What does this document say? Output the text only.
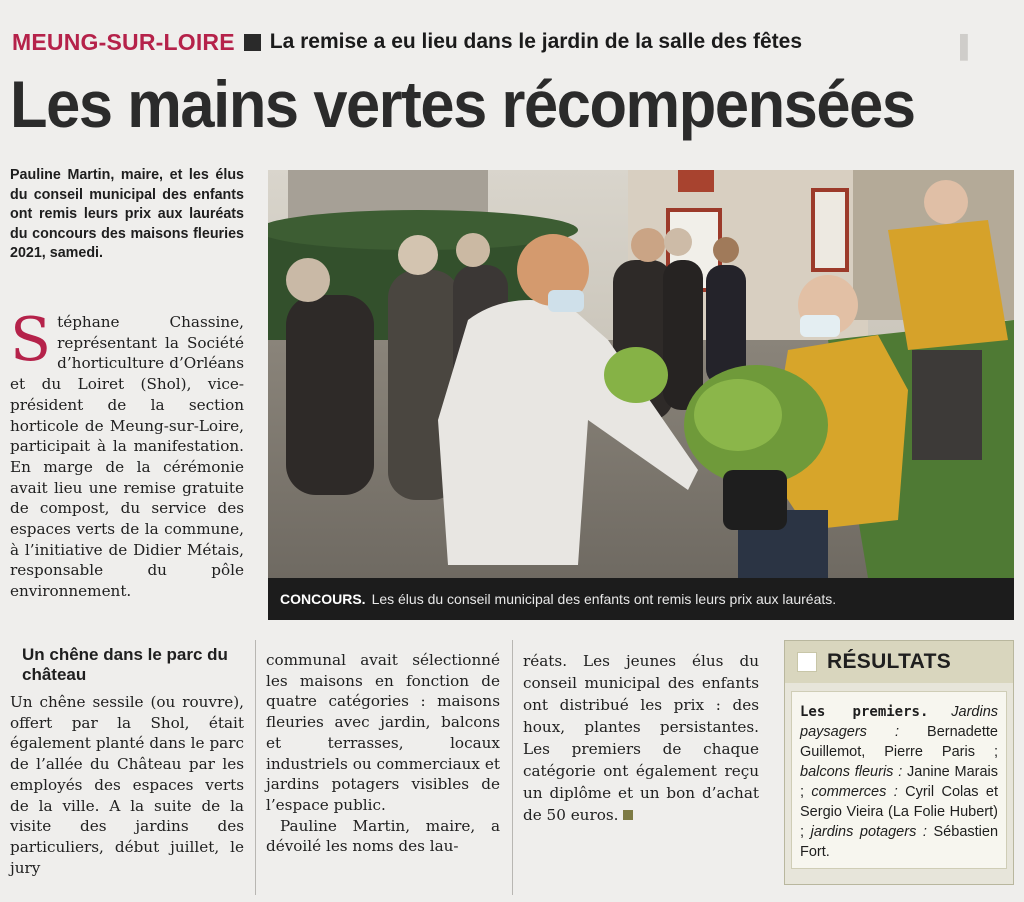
▌
MEUNG-SUR-LOIRE La remise a eu lieu dans le jardin de la salle des fêtes
Les mains vertes récompensées
Pauline Martin, maire, et les élus du conseil municipal des enfants ont remis leurs prix aux lauréats du concours des maisons fleuries 2021, samedi.
Stéphane Chassine, représentant la Société d’horticulture d’Orléans et du Loiret (Shol), vice-président de la section horticole de Meung-sur-Loire, participait à la manifestation. En marge de la cérémonie avait lieu une remise gratuite de compost, du service des espaces verts de la commune, à l’initiative de Didier Métais, responsable du pôle environnement.
Un chêne dans le parc du château
Un chêne sessile (ou rouvre), offert par la Shol, était également planté dans le parc de l’allée du Château par les employés des espaces verts de la ville. A la suite de la visite des jardins des particuliers, début juillet, le jury
communal avait sélectionné les maisons en fonction de quatre catégories : maisons fleuries avec jardin, balcons et terrasses, locaux industriels ou commerciaux et jardins potagers visibles de l’espace public.
Pauline Martin, maire, a dévoilé les noms des lau-
réats. Les jeunes élus du conseil municipal des enfants ont distribué les prix : des houx, plantes persistantes. Les premiers de chaque catégorie ont également reçu un diplôme et un bon d’achat de 50 euros.
CONCOURS. Les élus du conseil municipal des enfants ont remis leurs prix aux lauréats.
RÉSULTATS
Les premiers. Jardins paysagers : Bernadette Guillemot, Pierre Paris ; balcons fleuris : Janine Marais ; commerces : Cyril Colas et Sergio Vieira (La Folie Hubert) ; jardins potagers : Sébastien Fort.
